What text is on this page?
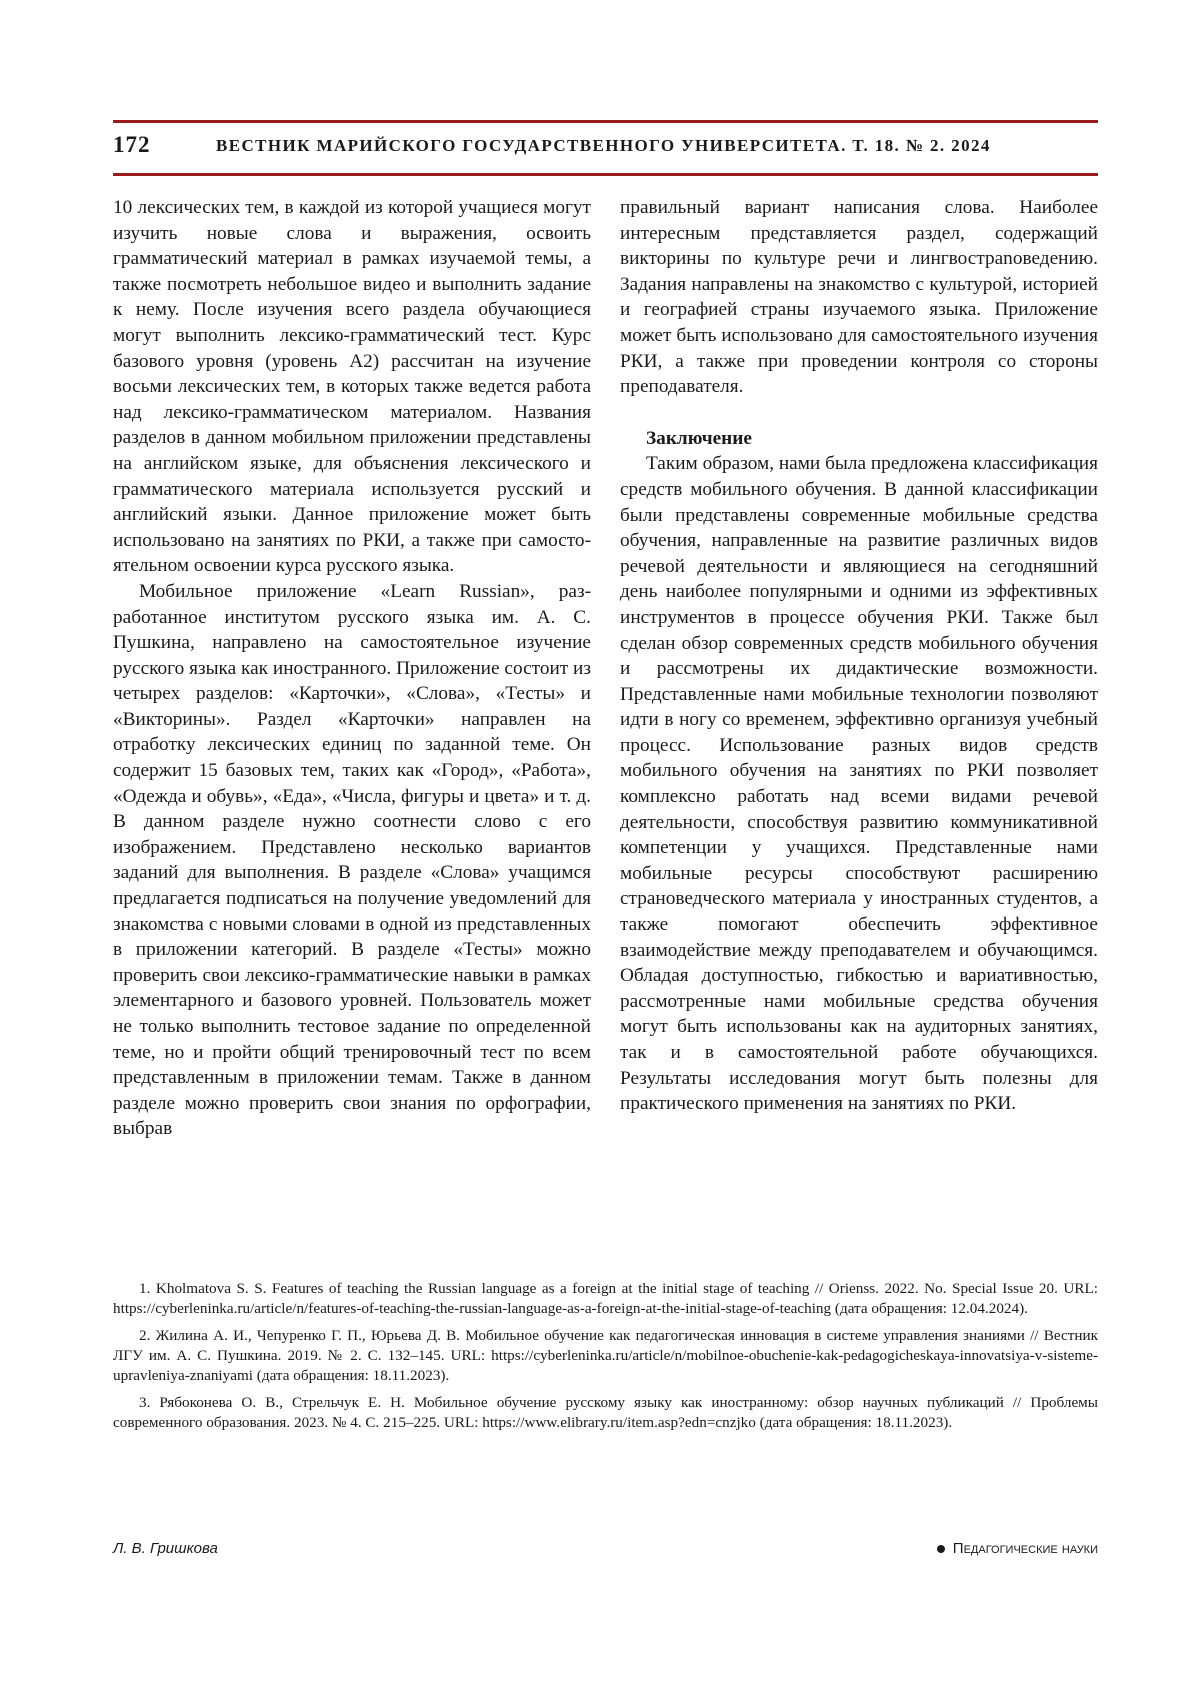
172	ВЕСТНИК МАРИЙСКОГО ГОСУДАРСТВЕННОГО УНИВЕРСИТЕТА. Т. 18. № 2. 2024

10 лексических тем, в каждой из которой учащиеся могут изучить новые слова и выражения, освоить грамматический материал в рамках изучаемой темы, а также посмотреть небольшое видео и выполнить задание к нему. После изучения всего раздела обучающиеся могут выполнить лексико-грамматический тест. Курс базового уровня (уровень А2) рассчитан на изучение восьми лексических тем, в которых также ведется работа над лексико-грамматическом материалом. Названия разделов в данном мобильном приложении представлены на английском языке, для объяснения лексического и грамматического материала используется русский и английский языки. Данное приложение может быть использовано на занятиях по РКИ, а также при самостоятельном освоении курса русского языка.

Мобильное приложение «Learn Russian», разработанное институтом русского языка им. А. С. Пушкина, направлено на самостоятельное изучение русского языка как иностранного. Приложение состоит из четырех разделов: «Карточки», «Слова», «Тесты» и «Викторины». Раздел «Карточки» направлен на отработку лексических единиц по заданной теме. Он содержит 15 базовых тем, таких как «Город», «Работа», «Одежда и обувь», «Еда», «Числа, фигуры и цвета» и т. д. В данном разделе нужно соотнести слово с его изображением. Представлено несколько вариантов заданий для выполнения. В разделе «Слова» учащимся предлагается подписаться на получение уведомлений для знакомства с новыми словами в одной из представленных в приложении категорий. В разделе «Тесты» можно проверить свои лексико-грамматические навыки в рамках элементарного и базового уровней. Пользователь может не только выполнить тестовое задание по определенной теме, но и пройти общий тренировочный тест по всем представленным в приложении темам. Также в данном разделе можно проверить свои знания по орфографии, выбрав

правильный вариант написания слова. Наиболее интересным представляется раздел, содержащий викторины по культуре речи и лингвострanoведению. Задания направлены на знакомство с культурой, историей и географией страны изучаемого языка. Приложение может быть использовано для самостоятельного изучения РКИ, а также при проведении контроля со стороны преподавателя.

Заключение

Таким образом, нами была предложена классификация средств мобильного обучения. В данной классификации были представлены современные мобильные средства обучения, направленные на развитие различных видов речевой деятельности и являющиеся на сегодняшний день наиболее популярными и одними из эффективных инструментов в процессе обучения РКИ. Также был сделан обзор современных средств мобильного обучения и рассмотрены их дидактические возможности. Представленные нами мобильные технологии позволяют идти в ногу со временем, эффективно организуя учебный процесс. Использование разных видов средств мобильного обучения на занятиях по РКИ позволяет комплексно работать над всеми видами речевой деятельности, способствуя развитию коммуникативной компетенции у учащихся. Представленные нами мобильные ресурсы способствуют расширению страноведческого материала у иностранных студентов, а также помогают обеспечить эффективное взаимодействие между преподавателем и обучающимся. Обладая доступностью, гибкостью и вариативностью, рассмотренные нами мобильные средства обучения могут быть использованы как на аудиторных занятиях, так и в самостоятельной работе обучающихся. Результаты исследования могут быть полезны для практического применения на занятиях по РКИ.

1. Kholmatova S. S. Features of teaching the Russian language as a foreign at the initial stage of teaching // Orienss. 2022. No. Special Issue 20. URL: https://cyberleninka.ru/article/n/features-of-teaching-the-russian-language-as-a-foreign-at-the-initial-stage-of-teaching (дата обращения: 12.04.2024).

2. Жилина А. И., Чепуренко Г. П., Юрьева Д. В. Мобильное обучение как педагогическая инновация в системе управления знаниями // Вестник ЛГУ им. А. С. Пушкина. 2019. № 2. С. 132–145. URL: https://cyberleninka.ru/article/n/mobilnoe-obuchenie-kak-pedagogicheskaya-innovatsiya-v-sisteme-upravleniya-znaniyami (дата обращения: 18.11.2023).

3. Рябоконева О. В., Стрельчук Е. Н. Мобильное обучение русскому языку как иностранному: обзор научных публикаций // Проблемы современного образования. 2023. № 4. С. 215–225. URL: https://www.elibrary.ru/item.asp?edn=cnzjko (дата обращения: 18.11.2023).

Л. В. Гришкова	Педагогические науки
